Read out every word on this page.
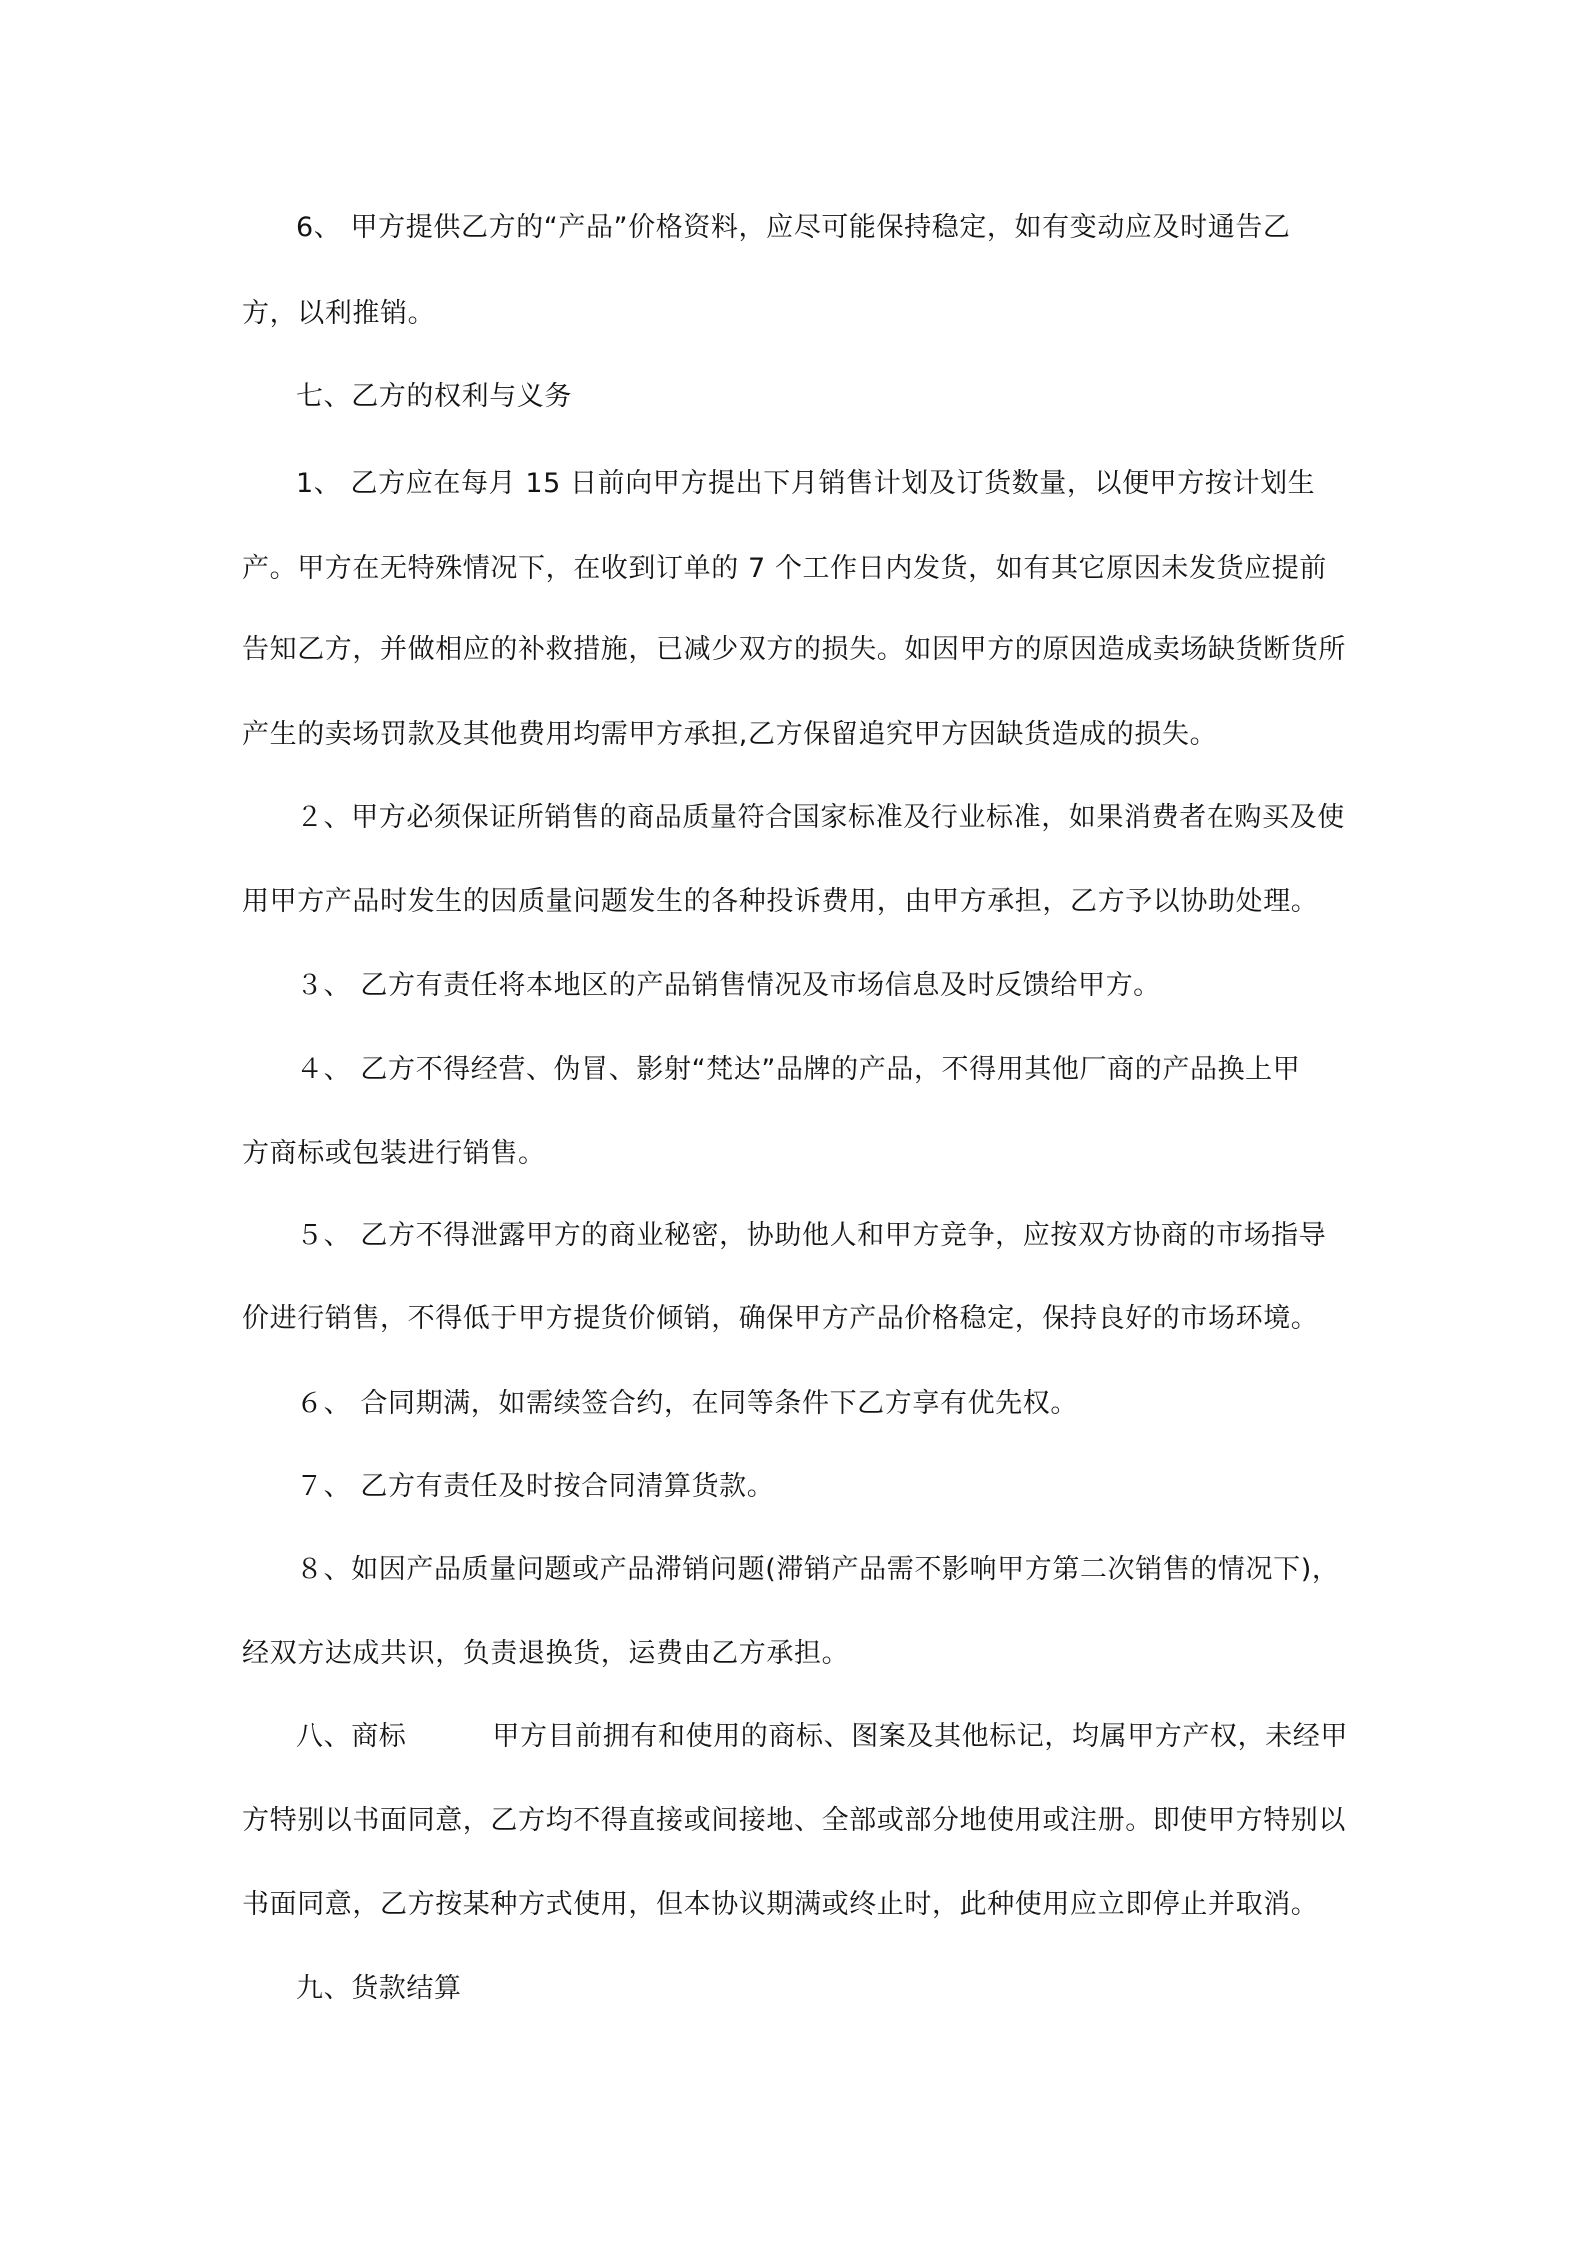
6、 甲方提供乙方的“产品”价格资料，应尽可能保持稳定，如有变动应及时通告乙

方，以利推销。

七、乙方的权利与义务

1、 乙方应在每月 15 日前向甲方提出下月销售计划及订货数量，以便甲方按计划生

产。甲方在无特殊情况下，在收到订单的 7 个工作日内发货，如有其它原因未发货应提前

告知乙方，并做相应的补救措施，已减少双方的损失。如因甲方的原因造成卖场缺货断货所

产生的卖场罚款及其他费用均需甲方承担,乙方保留追究甲方因缺货造成的损失。

２、甲方必须保证所销售的商品质量符合国家标准及行业标准，如果消费者在购买及使

用甲方产品时发生的因质量问题发生的各种投诉费用，由甲方承担，乙方予以协助处理。

３、 乙方有责任将本地区的产品销售情况及市场信息及时反馈给甲方。

４、 乙方不得经营、伪冒、影射“梵达”品牌的产品，不得用其他厂商的产品换上甲

方商标或包装进行销售。

５、 乙方不得泄露甲方的商业秘密，协助他人和甲方竞争，应按双方协商的市场指导

价进行销售，不得低于甲方提货价倾销，确保甲方产品价格稳定，保持良好的市场环境。

６、 合同期满，如需续签合约，在同等条件下乙方享有优先权。

７、 乙方有责任及时按合同清算货款。

８、如因产品质量问题或产品滞销问题(滞销产品需不影响甲方第二次销售的情况下)，

经双方达成共识，负责退换货，运费由乙方承担。

八、商标	甲方目前拥有和使用的商标、图案及其他标记，均属甲方产权，未经甲

方特别以书面同意，乙方均不得直接或间接地、全部或部分地使用或注册。即使甲方特别以

书面同意，乙方按某种方式使用，但本协议期满或终止时，此种使用应立即停止并取消。

九、货款结算
